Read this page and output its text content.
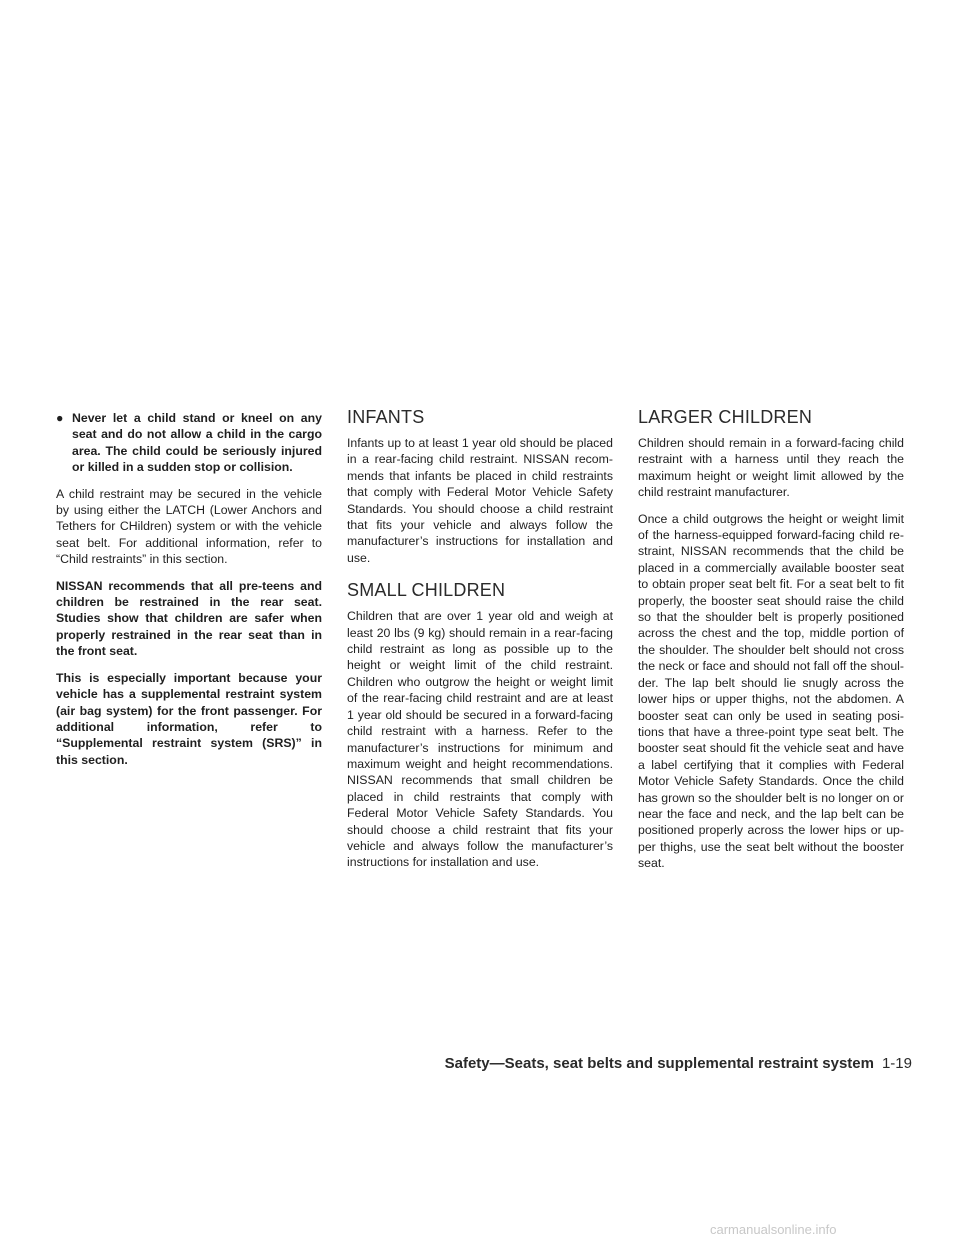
● Never let a child stand or kneel on any seat and do not allow a child in the cargo area. The child could be seriously injured or killed in a sudden stop or collision.

A child restraint may be secured in the vehicle by using either the LATCH (Lower Anchors and Tethers for CHildren) system or with the vehicle seat belt. For additional information, refer to “Child restraints” in this section.

NISSAN recommends that all pre-teens and children be restrained in the rear seat. Studies show that children are safer when properly restrained in the rear seat than in the front seat.

This is especially important because your vehicle has a supplemental restraint system (air bag system) for the front passenger. For additional information, refer to “Supplemental restraint system (SRS)” in this section.

INFANTS

Infants up to at least 1 year old should be placed in a rear-facing child restraint. NISSAN recommends that infants be placed in child restraints that comply with Federal Motor Vehicle Safety Standards. You should choose a child restraint that fits your vehicle and always follow the manufacturer’s instructions for installation and use.

SMALL CHILDREN

Children that are over 1 year old and weigh at least 20 lbs (9 kg) should remain in a rear-facing child restraint as long as possible up to the height or weight limit of the child restraint. Children who outgrow the height or weight limit of the rear-facing child restraint and are at least 1 year old should be secured in a forward-facing child restraint with a harness. Refer to the manufacturer’s instructions for minimum and maximum weight and height recommendations. NISSAN recommends that small children be placed in child restraints that comply with Federal Motor Vehicle Safety Standards. You should choose a child restraint that fits your vehicle and always follow the manufacturer’s instructions for installation and use.

LARGER CHILDREN

Children should remain in a forward-facing child restraint with a harness until they reach the maximum height or weight limit allowed by the child restraint manufacturer.

Once a child outgrows the height or weight limit of the harness-equipped forward-facing child restraint, NISSAN recommends that the child be placed in a commercially available booster seat to obtain proper seat belt fit. For a seat belt to fit properly, the booster seat should raise the child so that the shoulder belt is properly positioned across the chest and the top, middle portion of the shoulder. The shoulder belt should not cross the neck or face and should not fall off the shoulder. The lap belt should lie snugly across the lower hips or upper thighs, not the abdomen. A booster seat can only be used in seating positions that have a three-point type seat belt. The booster seat should fit the vehicle seat and have a label certifying that it complies with Federal Motor Vehicle Safety Standards. Once the child has grown so the shoulder belt is no longer on or near the face and neck, and the lap belt can be positioned properly across the lower hips or upper thighs, use the seat belt without the booster seat.

Safety—Seats, seat belts and supplemental restraint system 1-19
carmanualsonline.info
